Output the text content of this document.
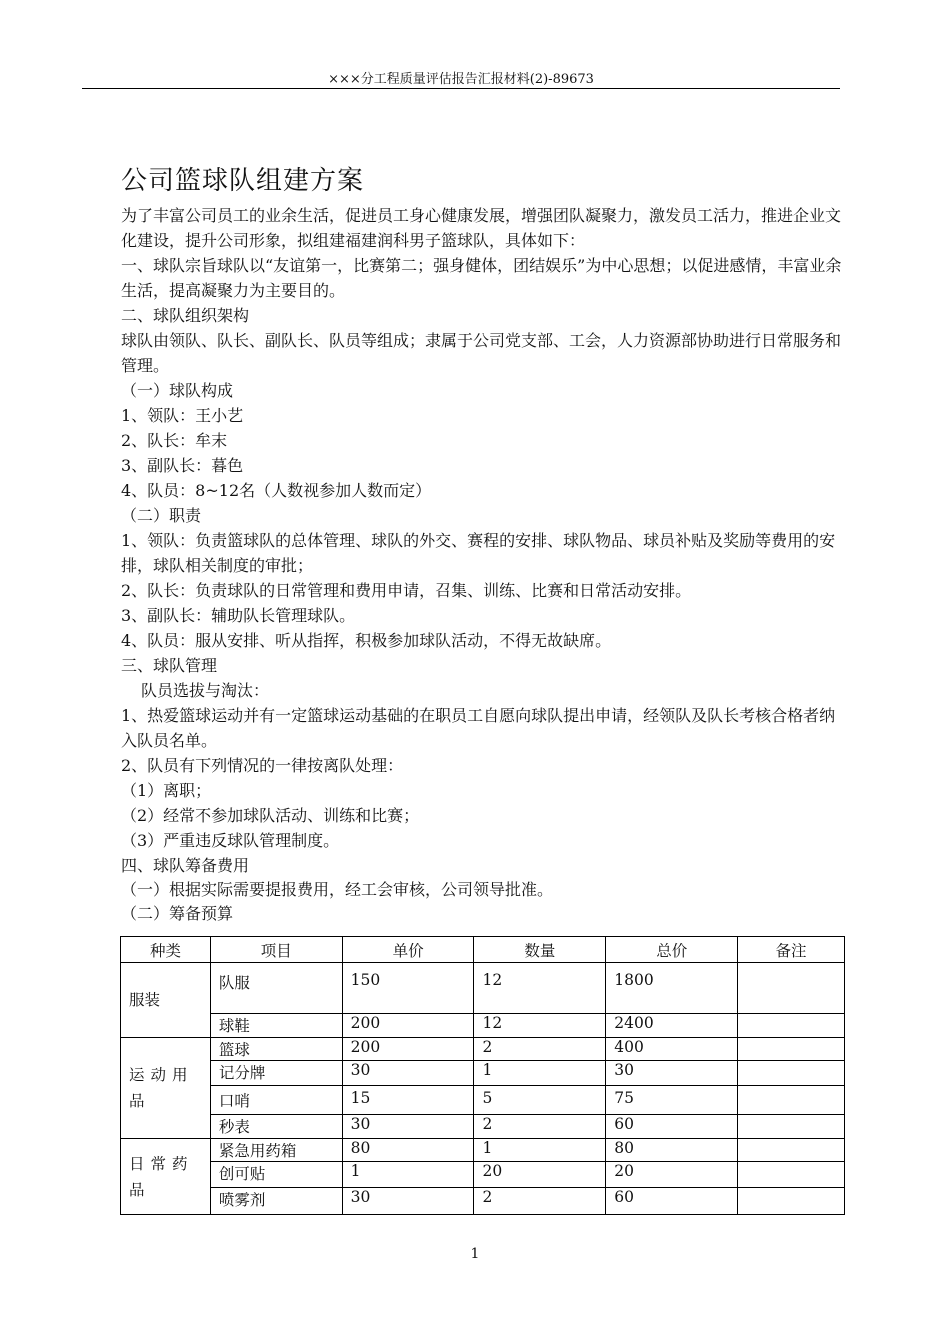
×××分工程质量评估报告汇报材料(2)-89673
公司篮球队组建方案

为了丰富公司员工的业余生活，促进员工身心健康发展，增强团队凝聚力，激发员工活力，推进企业文化建设，提升公司形象，拟组建福建润科男子篮球队，具体如下：

一、球队宗旨球队以“友谊第一，比赛第二；强身健体，团结娱乐”为中心思想；以促进感情，丰富业余生活，提高凝聚力为主要目的。

二、球队组织架构

球队由领队、队长、副队长、队员等组成；隶属于公司党支部、工会，人力资源部协助进行日常服务和管理。

（一）球队构成

1、领队：王小艺

2、队长：牟末

3、副队长：暮色

4、队员：8~12名（人数视参加人数而定）

（二）职责

1、领队：负责篮球队的总体管理、球队的外交、赛程的安排、球队物品、球员补贴及奖励等费用的安排，球队相关制度的审批；

2、队长：负责球队的日常管理和费用申请，召集、训练、比赛和日常活动安排。

3、副队长：辅助队长管理球队。

4、队员：服从安排、听从指挥，积极参加球队活动，不得无故缺席。

三、球队管理

队员选拔与淘汰：

1、热爱篮球运动并有一定篮球运动基础的在职员工自愿向球队提出申请，经领队及队长考核合格者纳入队员名单。

2、队员有下列情况的一律按离队处理：

（1）离职；

（2）经常不参加球队活动、训练和比赛；

（3）严重违反球队管理制度。

四、球队筹备费用

（一）根据实际需要提报费用，经工会审核，公司领导批准。

（二）筹备预算

种类	项目	单价	数量	总价	备注
服装	队服	150	12	1800	
	球鞋	200	12	2400	
运动用品	篮球	200	2	400	
	记分牌	30	1	30	
	口哨	15	5	75	
	秒表	30	2	60	
日常药品	紧急用药箱	80	1	80	
	创可贴	1	20	20	
	喷雾剂	30	2	60	
1
